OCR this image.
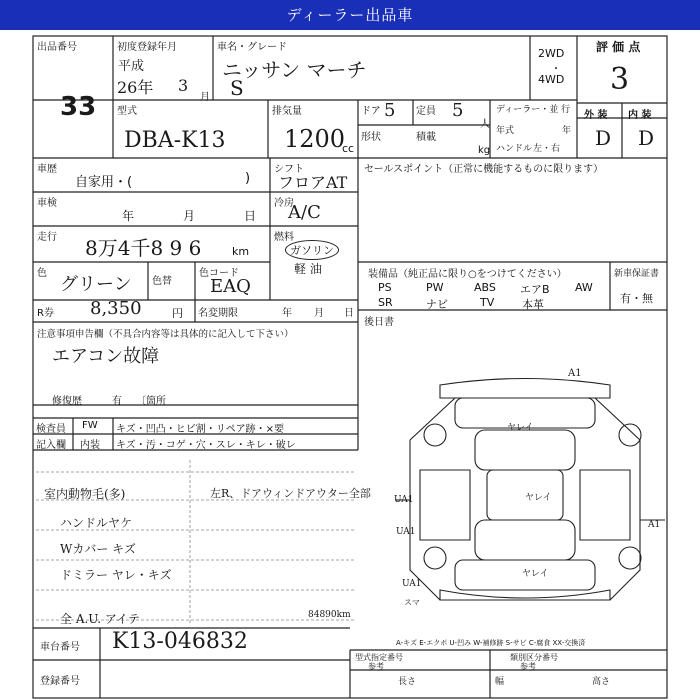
ディーラー出品車
出品番号
33
初度登録年月
平成
26年 3
月
車名・グレード
ニッサン マーチ
S
2WD
・
4WD
評 価 点
3
型式
DBA-K13
排気量
1200
cc
ドア 5 定員 5
人
形状	積載
kg
ディーラー・並 行
年式	年
ハンドル 左・右
外 装 内 装
D D
車歴
自家用・(	)
車検
年	月	日
走行 8万4千8 9 6	km
色
グリーン 色替
色コード
EAQ
シフト
フロアAT
冷房
A/C
燃料
ガソリン
軽 油
R券 8,350	円 名変期限	年 月 日
セールスポイント（正常に機能するものに限ります）
装備品（純正品に限り○をつけてください）	新車保証書
有・無
PS	PW	ABS エアB AW
SR	ナビ	TV	本革
後日書
注意事項申告欄（不具合内容等は具体的に記入して下さい）
エアコン故障
修復歴	有 〔箇所
検査員 FW キズ・凹凸・ヒビ割・リペア跡・×要
記入欄 内装 キズ・汚・コゲ・穴・スレ・キレ・破レ
室内動物毛(多)
ハンドルヤケ
Wカバー キズ
ドミラー ヤレ・キズ
全 A.U. アイテ
左R、ドアウィンドアウター全部
84890km
A1
ヤレイ
ヤレイ
ヤレイ
UA1
UA1
A1
UA1
スマ
A-キズ E-エクボ U-凹み W-補修跡 S-サビ C-腐食 XX-交換済
車台番号 K13-046832
登録番号
型式指定番号
参考
類別区分番号
参考
長さ	幅	高さ
